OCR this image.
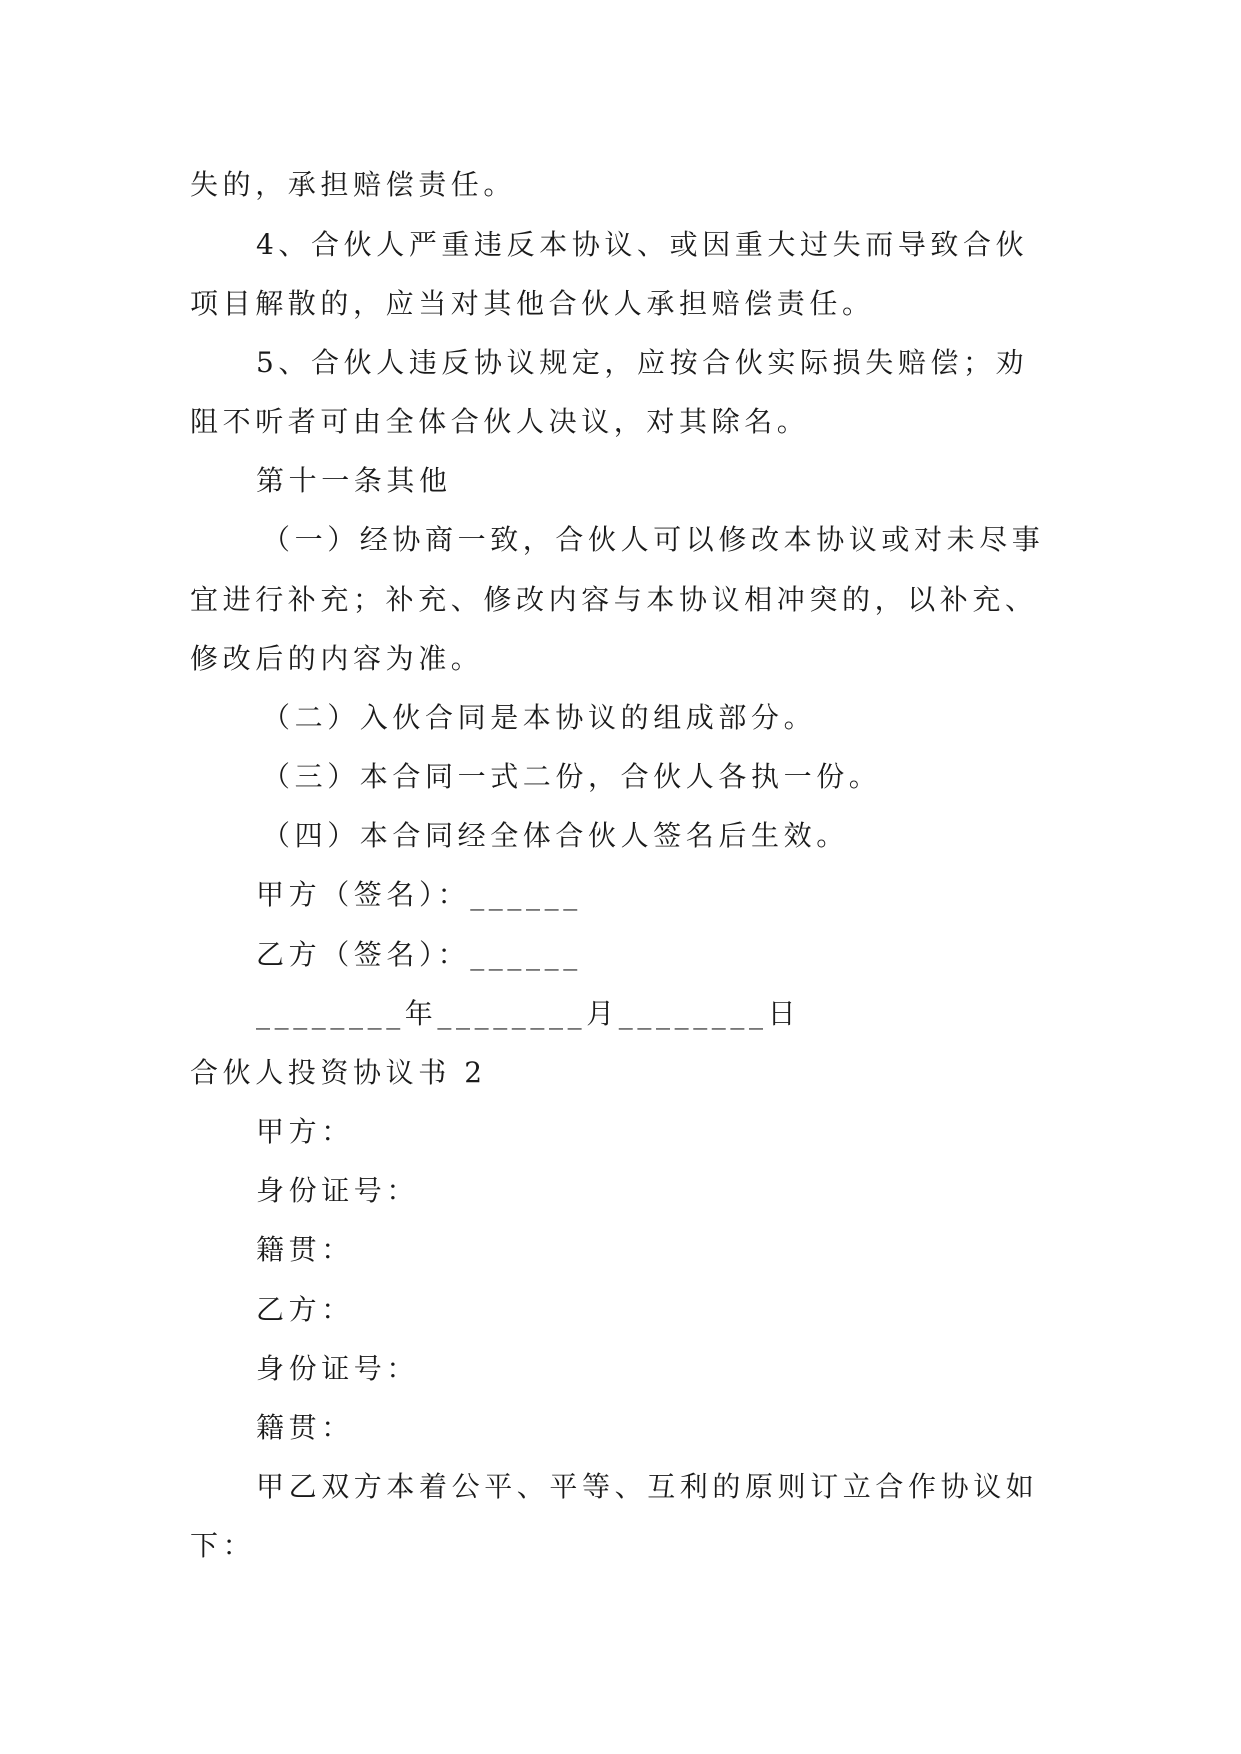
失的，承担赔偿责任。
4、合伙人严重违反本协议、或因重大过失而导致合伙
项目解散的，应当对其他合伙人承担赔偿责任。
5、合伙人违反协议规定，应按合伙实际损失赔偿；劝
阻不听者可由全体合伙人决议，对其除名。
第十一条其他
（一）经协商一致，合伙人可以修改本协议或对未尽事
宜进行补充；补充、修改内容与本协议相冲突的，以补充、
修改后的内容为准。
（二）入伙合同是本协议的组成部分。
（三）本合同一式二份，合伙人各执一份。
（四）本合同经全体合伙人签名后生效。
甲方（签名）：______
乙方（签名）：______
________年________月________日
合伙人投资协议书 2
甲方：
身份证号：
籍贯：
乙方：
身份证号：
籍贯：
甲乙双方本着公平、平等、互利的原则订立合作协议如
下：
